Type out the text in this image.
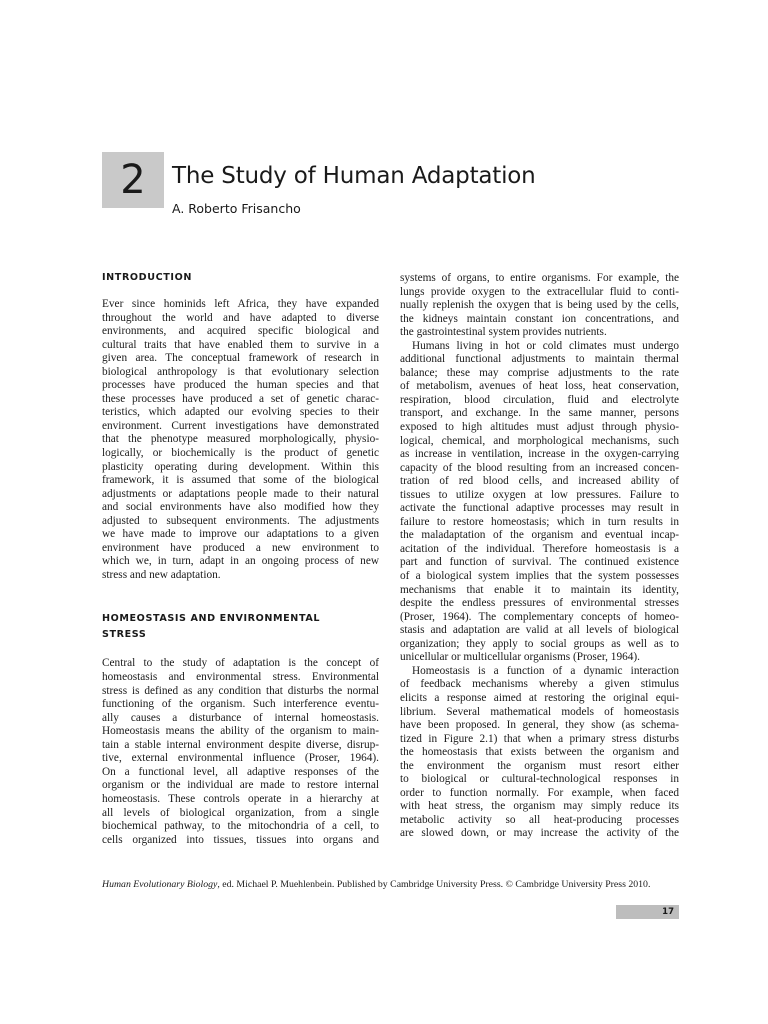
2 The Study of Human Adaptation
A. Roberto Frisancho
INTRODUCTION

Ever since hominids left Africa, they have expanded

throughout the world and have adapted to diverse

environments, and acquired specific biological and

cultural traits that have enabled them to survive in a

given area. The conceptual framework of research in

biological anthropology is that evolutionary selection

processes have produced the human species and that

these processes have produced a set of genetic charac-

teristics, which adapted our evolving species to their

environment. Current investigations have demonstrated

that the phenotype measured morphologically, physio-

logically, or biochemically is the product of genetic

plasticity operating during development. Within this

framework, it is assumed that some of the biological

adjustments or adaptations people made to their natural

and social environments have also modified how they

adjusted to subsequent environments. The adjustments

we have made to improve our adaptations to a given

environment have produced a new environment to

which we, in turn, adapt in an ongoing process of new

stress and new adaptation.

HOMEOSTASIS AND ENVIRONMENTAL
STRESS

Central to the study of adaptation is the concept of

homeostasis and environmental stress. Environmental

stress is defined as any condition that disturbs the normal

functioning of the organism. Such interference eventu-

ally causes a disturbance of internal homeostasis.

Homeostasis means the ability of the organism to main-

tain a stable internal environment despite diverse, disrup-

tive, external environmental influence (Proser, 1964).

On a functional level, all adaptive responses of the

organism or the individual are made to restore internal

homeostasis. These controls operate in a hierarchy at

all levels of biological organization, from a single

biochemical pathway, to the mitochondria of a cell, to

cells organized into tissues, tissues into organs and

systems of organs, to entire organisms. For example, the

lungs provide oxygen to the extracellular fluid to conti-

nually replenish the oxygen that is being used by the cells,

the kidneys maintain constant ion concentrations, and

the gastrointestinal system provides nutrients.

Humans living in hot or cold climates must undergo

additional functional adjustments to maintain thermal

balance; these may comprise adjustments to the rate

of metabolism, avenues of heat loss, heat conservation,

respiration, blood circulation, fluid and electrolyte

transport, and exchange. In the same manner, persons

exposed to high altitudes must adjust through physio-

logical, chemical, and morphological mechanisms, such

as increase in ventilation, increase in the oxygen-carrying

capacity of the blood resulting from an increased concen-

tration of red blood cells, and increased ability of

tissues to utilize oxygen at low pressures. Failure to

activate the functional adaptive processes may result in

failure to restore homeostasis; which in turn results in

the maladaptation of the organism and eventual incap-

acitation of the individual. Therefore homeostasis is a

part and function of survival. The continued existence

of a biological system implies that the system possesses

mechanisms that enable it to maintain its identity,

despite the endless pressures of environmental stresses

(Proser, 1964). The complementary concepts of homeo-

stasis and adaptation are valid at all levels of biological

organization; they apply to social groups as well as to

unicellular or multicellular organisms (Proser, 1964).

Homeostasis is a function of a dynamic interaction

of feedback mechanisms whereby a given stimulus

elicits a response aimed at restoring the original equi-

librium. Several mathematical models of homeostasis

have been proposed. In general, they show (as schema-

tized in Figure 2.1) that when a primary stress disturbs

the homeostasis that exists between the organism and

the environment the organism must resort either

to biological or cultural-technological responses in

order to function normally. For example, when faced

with heat stress, the organism may simply reduce its

metabolic activity so all heat-producing processes

are slowed down, or may increase the activity of the

Human Evolutionary Biology, ed. Michael P. Muehlenbein. Published by Cambridge University Press. © Cambridge University Press 2010.
17
